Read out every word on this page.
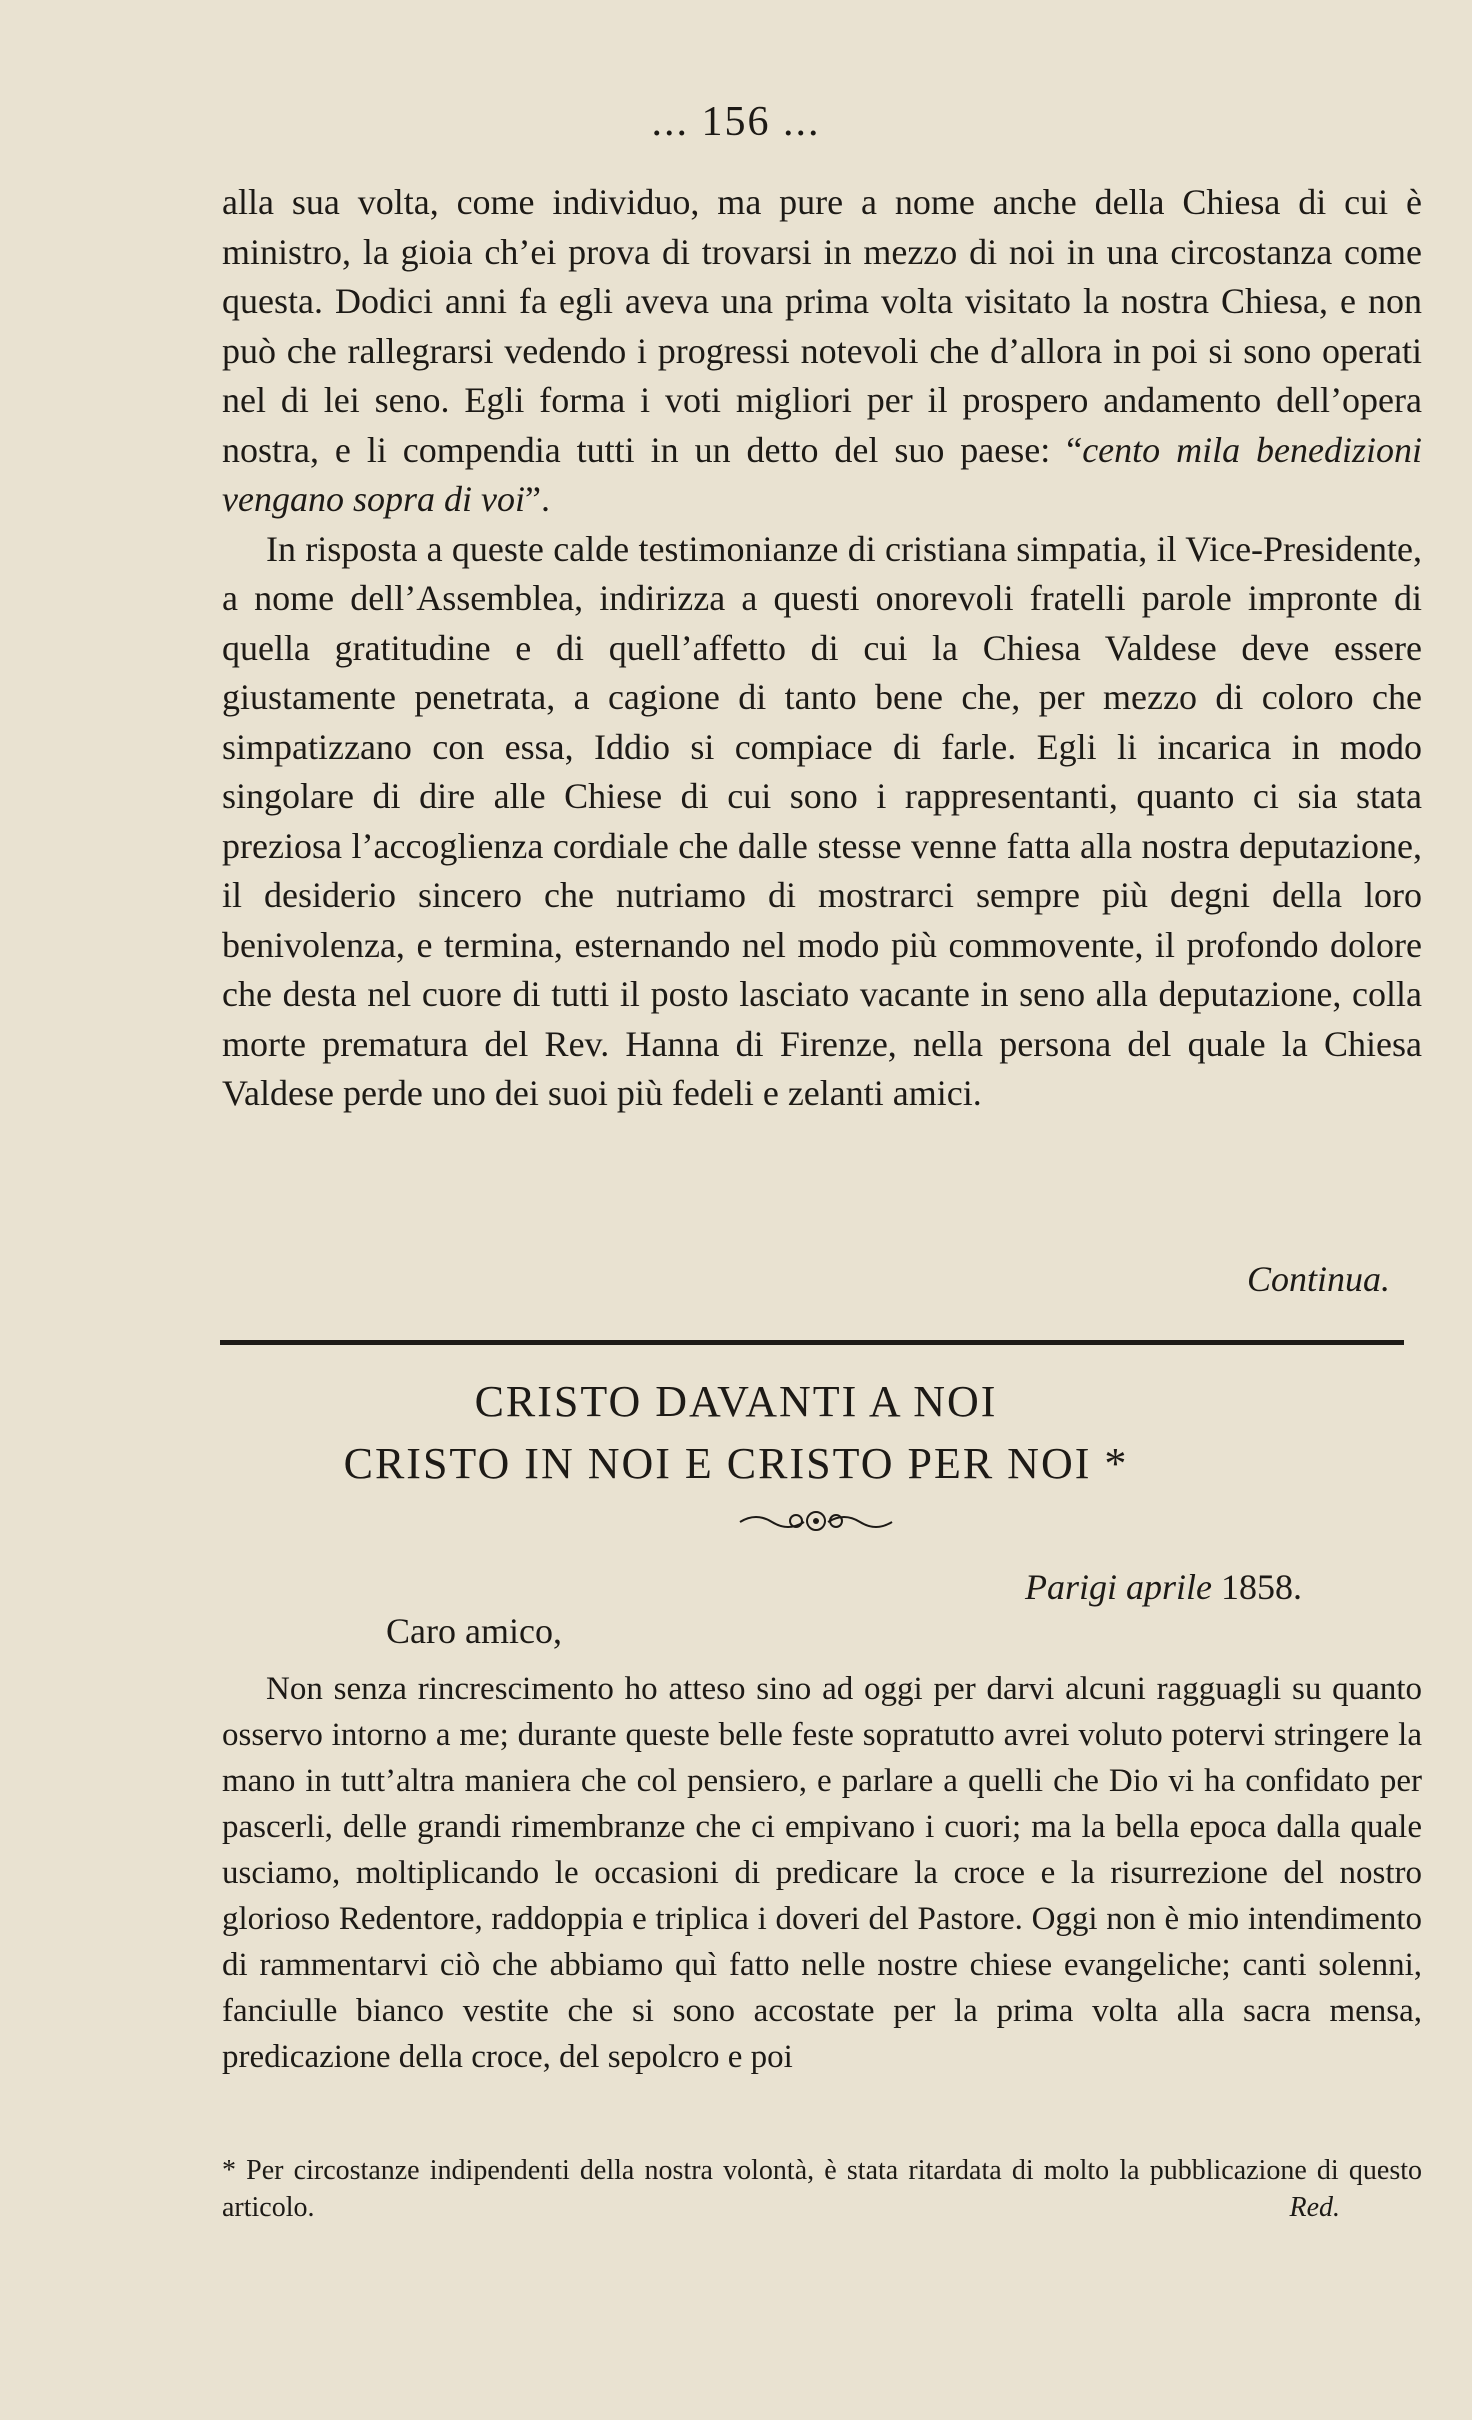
... 156 ...

alla sua volta, come individuo, ma pure a nome anche della Chiesa di cui è ministro, la gioia ch’ei prova di trovarsi in mezzo di noi in una circostanza come questa. Dodici anni fa egli aveva una prima volta visitato la nostra Chiesa, e non può che rallegrarsi vedendo i progressi notevoli che d’allora in poi si sono operati nel di lei seno. Egli forma i voti migliori per il prospero andamento dell’opera nostra, e li compendia tutti in un detto del suo paese: “cento mila benedizioni vengano sopra di voi”.

In risposta a queste calde testimonianze di cristiana simpatia, il Vice-Presidente, a nome dell’Assemblea, indirizza a questi onorevoli fratelli parole impronte di quella gratitudine e di quell’affetto di cui la Chiesa Valdese deve essere giustamente penetrata, a cagione di tanto bene che, per mezzo di coloro che simpatizzano con essa, Iddio si compiace di farle. Egli li incarica in modo singolare di dire alle Chiese di cui sono i rappresentanti, quanto ci sia stata preziosa l’accoglienza cordiale che dalle stesse venne fatta alla nostra deputazione, il desiderio sincero che nutriamo di mostrarci sempre più degni della loro benivolenza, e termina, esternando nel modo più commovente, il profondo dolore che desta nel cuore di tutti il posto lasciato vacante in seno alla deputazione, colla morte prematura del Rev. Hanna di Firenze, nella persona del quale la Chiesa Valdese perde uno dei suoi più fedeli e zelanti amici.

Continua.
CRISTO DAVANTI A NOI
CRISTO IN NOI E CRISTO PER NOI *
Parigi aprile 1858.
Caro amico,

Non senza rincrescimento ho atteso sino ad oggi per darvi alcuni ragguagli su quanto osservo intorno a me; durante queste belle feste sopratutto avrei voluto potervi stringere la mano in tutt’altra maniera che col pensiero, e parlare a quelli che Dio vi ha confidato per pascerli, delle grandi rimembranze che ci empivano i cuori; ma la bella epoca dalla quale usciamo, moltiplicando le occasioni di predicare la croce e la risurrezione del nostro glorioso Redentore, raddoppia e triplica i doveri del Pastore. Oggi non è mio intendimento di rammentarvi ciò che abbiamo quì fatto nelle nostre chiese evangeliche; canti solenni, fanciulle bianco vestite che si sono accostate per la prima volta alla sacra mensa, predicazione della croce, del sepolcro e poi

* Per circostanze indipendenti della nostra volontà, è stata ritardata di molto la pubblicazione di questo articolo.	Red.
